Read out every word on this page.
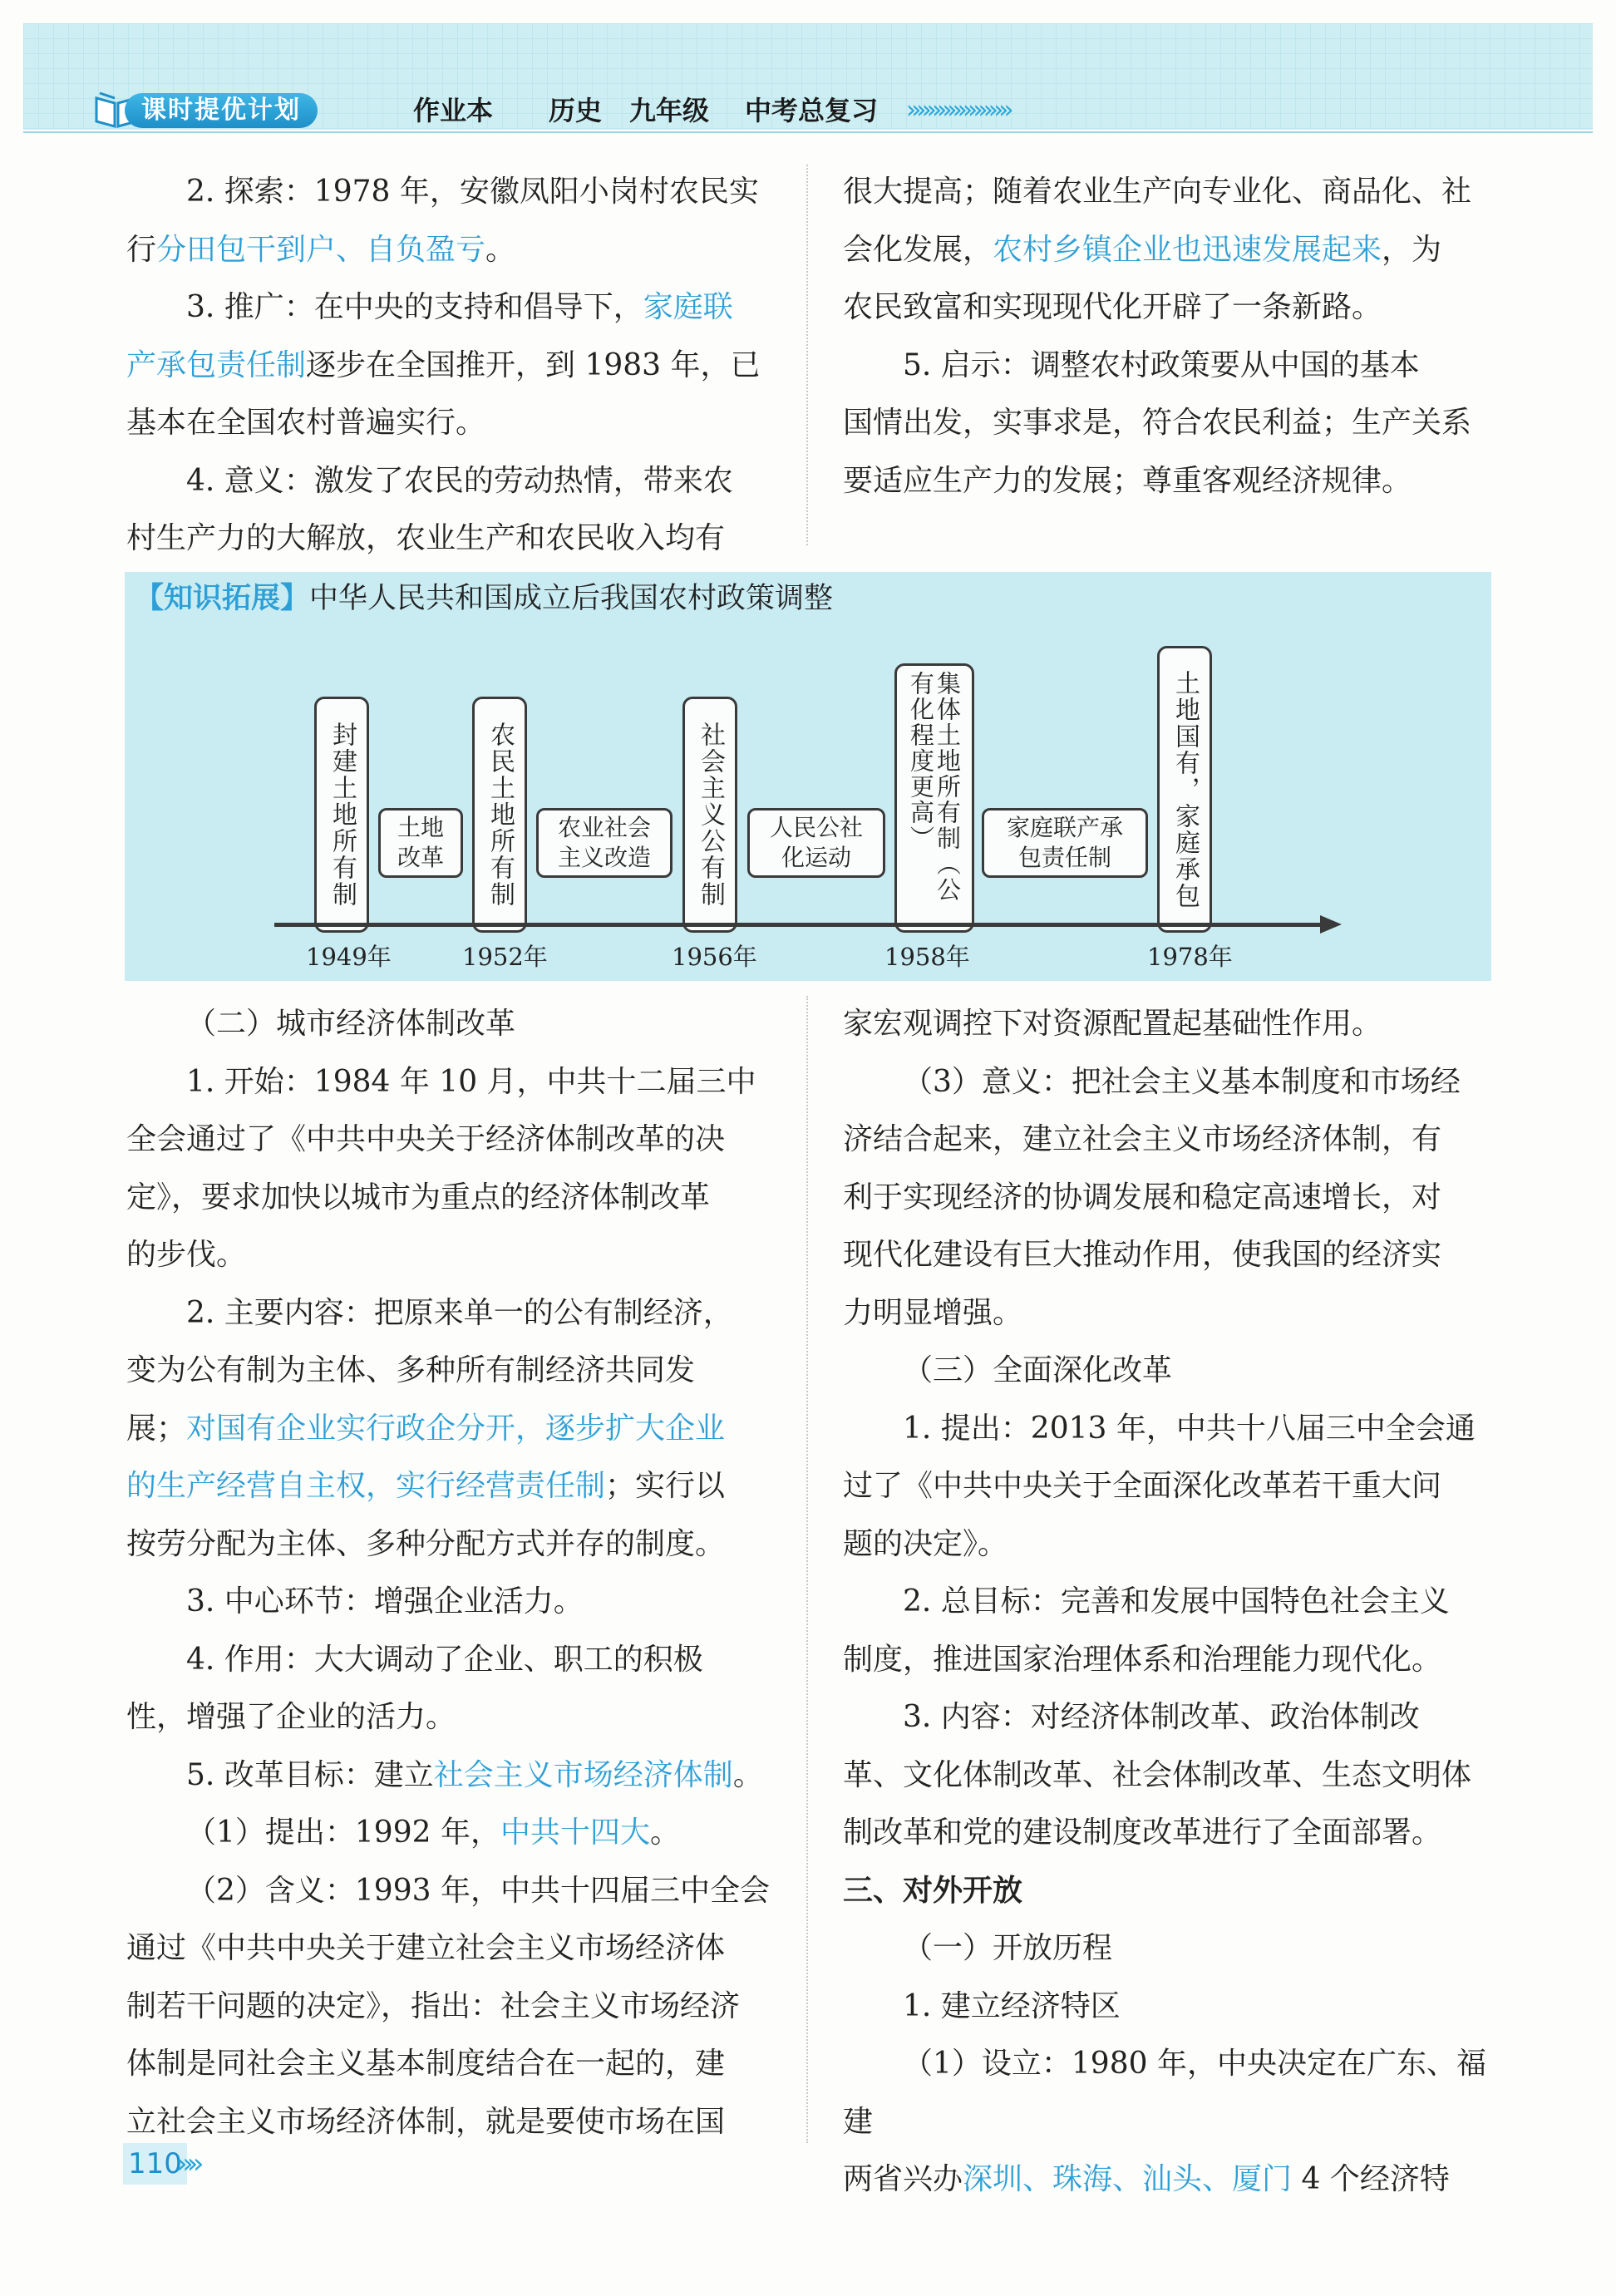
课时提优计划	作业本 历史 九年级 中考总复习 »»»»»»»»»»

2. 探索：1978 年，安徽凤阳小岗村农民实

行分田包干到户、自负盈亏。

3. 推广：在中央的支持和倡导下，家庭联

产承包责任制逐步在全国推开，到 1983 年，已

基本在全国农村普遍实行。

4. 意义：激发了农民的劳动热情，带来农

村生产力的大解放，农业生产和农民收入均有

很大提高；随着农业生产向专业化、商品化、社

会化发展，农村乡镇企业也迅速发展起来，为

农民致富和实现现代化开辟了一条新路。

5. 启示：调整农村政策要从中国的基本

国情出发，实事求是，符合农民利益；生产关系

要适应生产力的发展；尊重客观经济规律。

【知识拓展】中华人民共和国成立后我国农村政策调整
封建土地所有制	农民土地所有制	社会主义公有制	集体土地所有制（公有化程度更高）	土地国有，家庭承包
土地
改革
农业社会
主义改造
人民公社
化运动
家庭联产承
包责任制
1949年	1952年	1956年	1958年	1978年

（二）城市经济体制改革

1. 开始：1984 年 10 月，中共十二届三中

全会通过了《中共中央关于经济体制改革的决

定》，要求加快以城市为重点的经济体制改革

的步伐。

2. 主要内容：把原来单一的公有制经济，

变为公有制为主体、多种所有制经济共同发

展；对国有企业实行政企分开，逐步扩大企业

的生产经营自主权，实行经营责任制；实行以

按劳分配为主体、多种分配方式并存的制度。

3. 中心环节：增强企业活力。

4. 作用：大大调动了企业、职工的积极

性，增强了企业的活力。

5. 改革目标：建立社会主义市场经济体制。

（1）提出：1992 年，中共十四大。

（2）含义：1993 年，中共十四届三中全会

通过《中共中央关于建立社会主义市场经济体

制若干问题的决定》，指出：社会主义市场经济

体制是同社会主义基本制度结合在一起的，建

立社会主义市场经济体制，就是要使市场在国

家宏观调控下对资源配置起基础性作用。

（3）意义：把社会主义基本制度和市场经

济结合起来，建立社会主义市场经济体制，有

利于实现经济的协调发展和稳定高速增长，对

现代化建设有巨大推动作用，使我国的经济实

力明显增强。

（三）全面深化改革

1. 提出：2013 年，中共十八届三中全会通

过了《中共中央关于全面深化改革若干重大问

题的决定》。

2. 总目标：完善和发展中国特色社会主义

制度，推进国家治理体系和治理能力现代化。

3. 内容：对经济体制改革、政治体制改

革、文化体制改革、社会体制改革、生态文明体

制改革和党的建设制度改革进行了全面部署。

三、对外开放

（一）开放历程

1. 建立经济特区

（1）设立：1980 年，中央决定在广东、福建

两省兴办深圳、珠海、汕头、厦门 4 个经济特

110
»»
